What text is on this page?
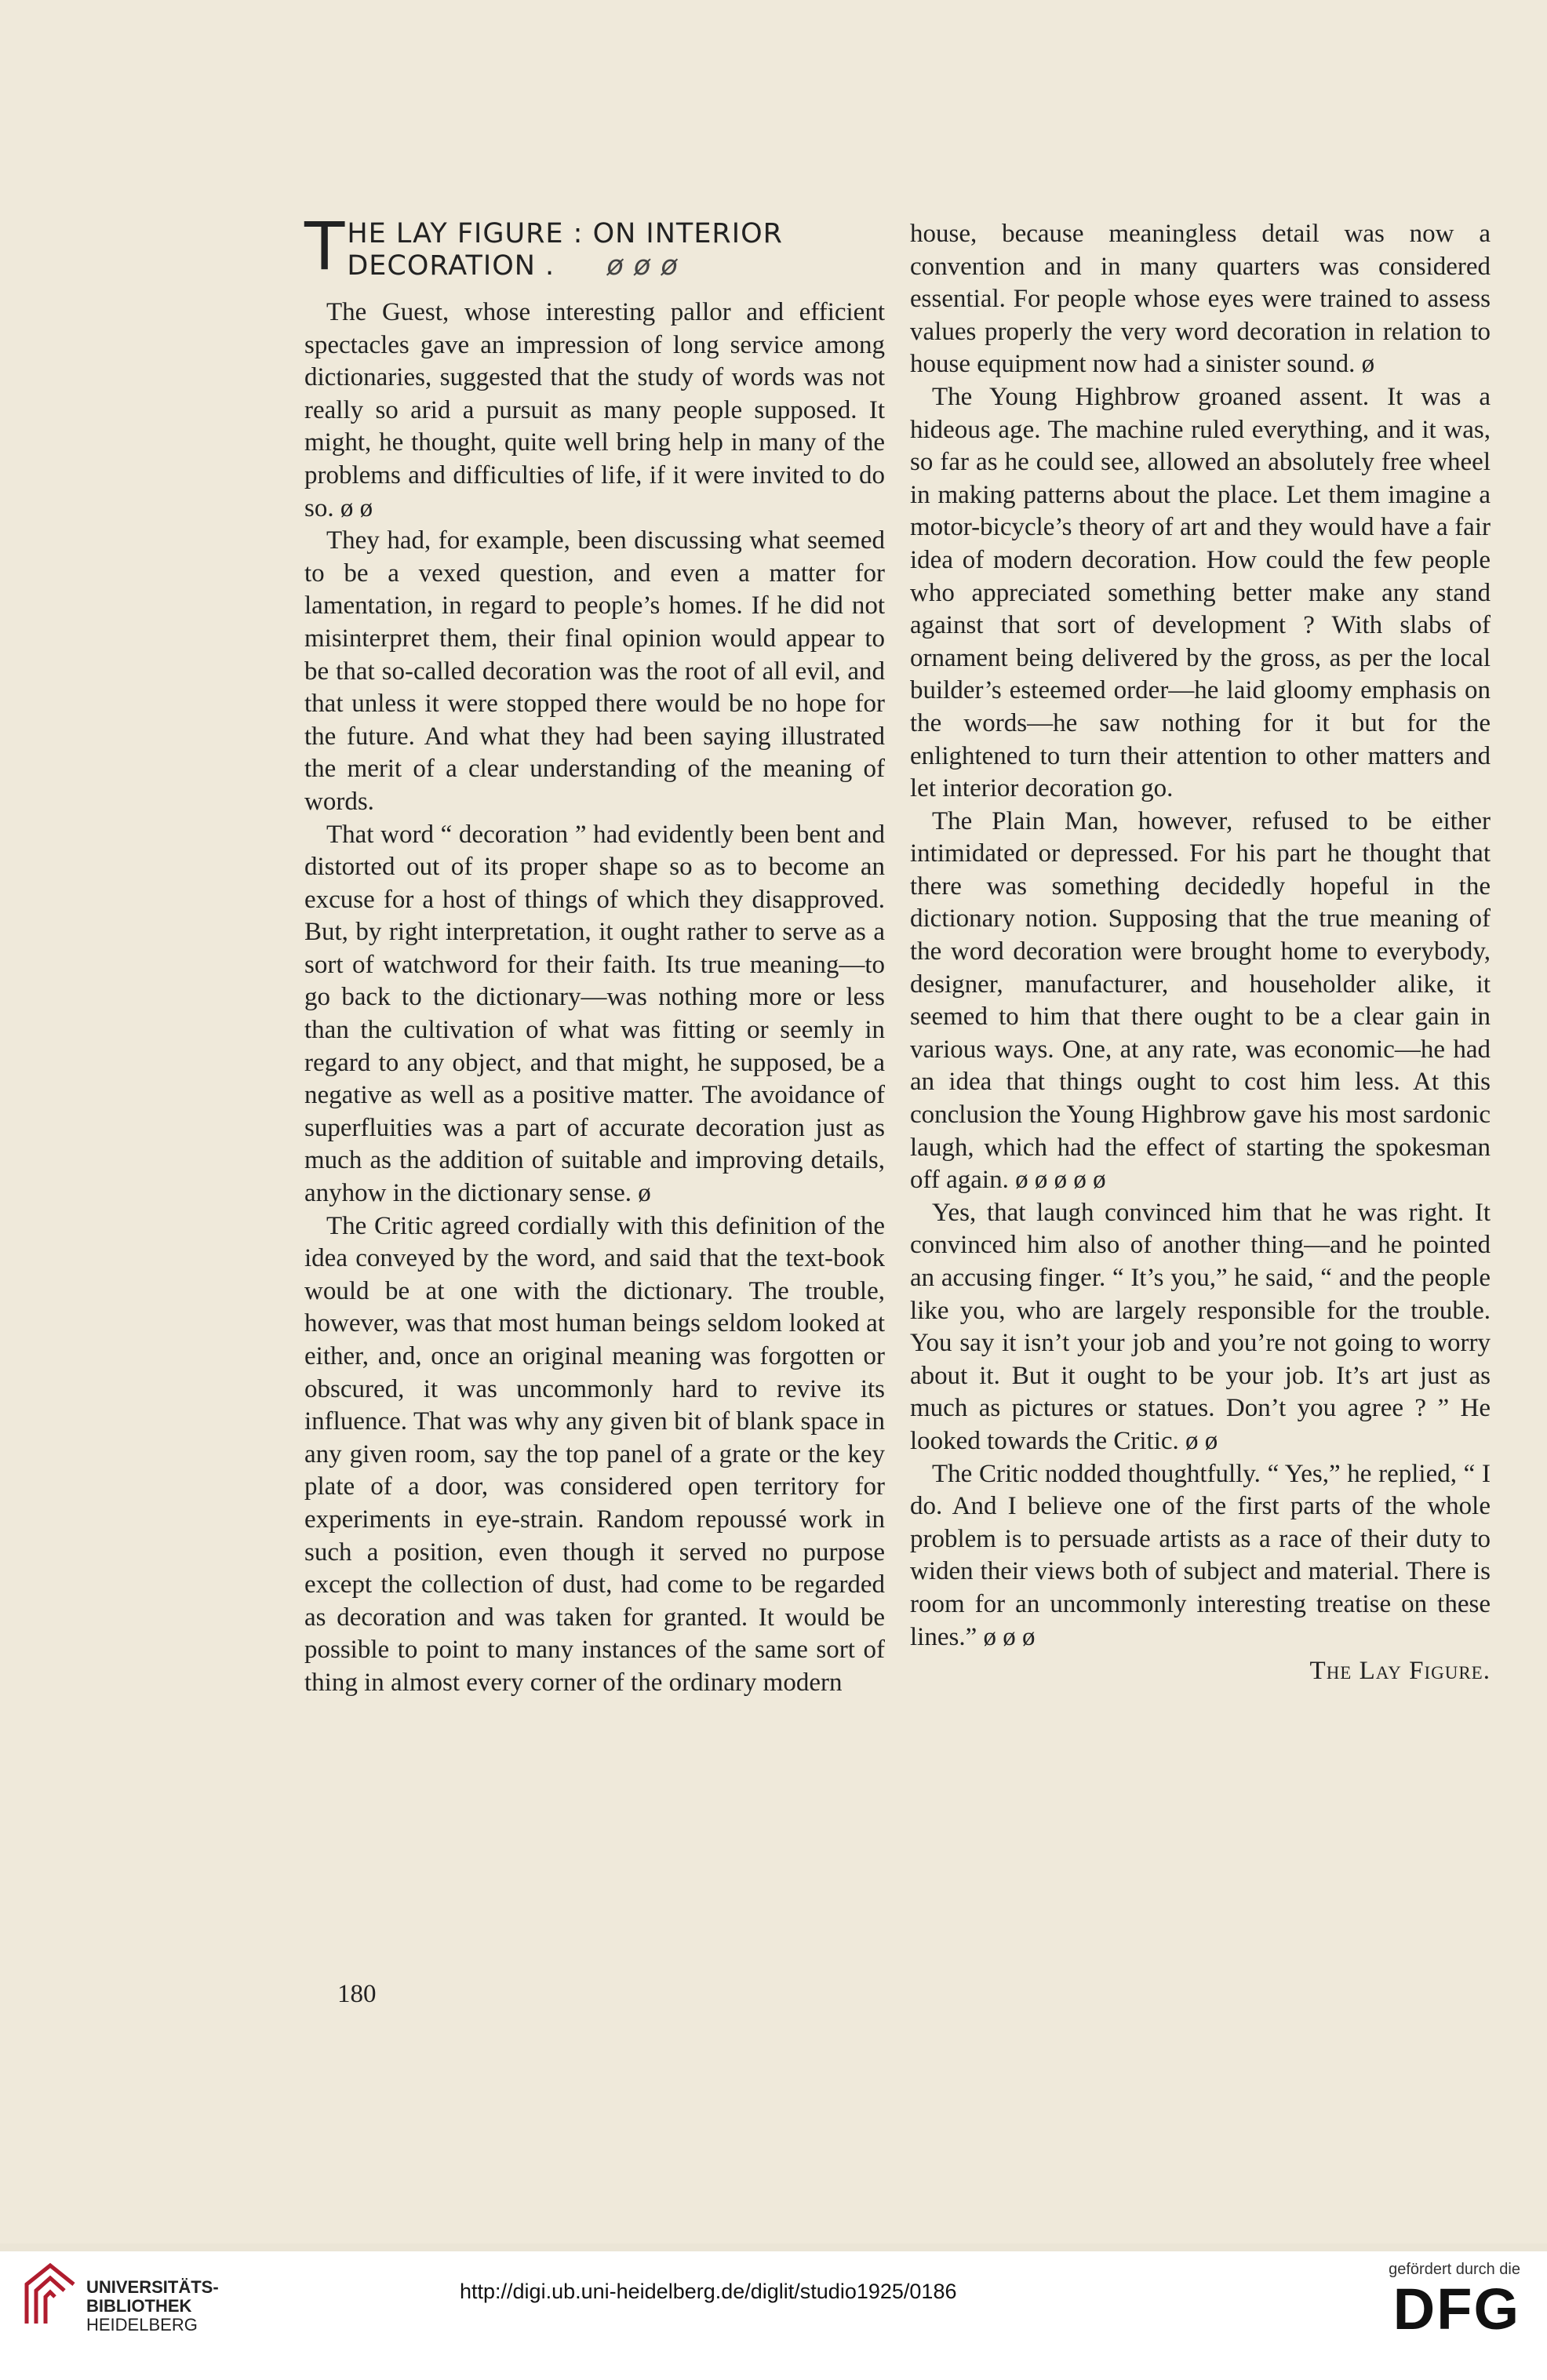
T HE LAY FIGURE : ON INTERIOR DECORATION . ø ø ø

The Guest, whose interesting pallor and efficient spectacles gave an impression of long service among dictionaries, suggested that the study of words was not really so arid a pursuit as many people supposed. It might, he thought, quite well bring help in many of the problems and difficulties of life, if it were invited to do so. ø ø

They had, for example, been discussing what seemed to be a vexed question, and even a matter for lamentation, in regard to people’s homes. If he did not misinterpret them, their final opinion would appear to be that so-called decoration was the root of all evil, and that unless it were stopped there would be no hope for the future. And what they had been saying illustrated the merit of a clear understanding of the meaning of words.

That word “ decoration ” had evidently been bent and distorted out of its proper shape so as to become an excuse for a host of things of which they disapproved. But, by right interpretation, it ought rather to serve as a sort of watchword for their faith. Its true meaning—to go back to the dictionary—was nothing more or less than the cultivation of what was fitting or seemly in regard to any object, and that might, he supposed, be a negative as well as a positive matter. The avoidance of superfluities was a part of accurate decoration just as much as the addition of suitable and improving details, anyhow in the dictionary sense. ø

The Critic agreed cordially with this definition of the idea conveyed by the word, and said that the text-book would be at one with the dictionary. The trouble, however, was that most human beings seldom looked at either, and, once an original meaning was forgotten or obscured, it was uncommonly hard to revive its influence. That was why any given bit of blank space in any given room, say the top panel of a grate or the key plate of a door, was considered open territory for experiments in eye-strain. Random repoussé work in such a position, even though it served no purpose except the collection of dust, had come to be regarded as decoration and was taken for granted. It would be possible to point to many instances of the same sort of thing in almost every corner of the ordinary modern

house, because meaningless detail was now a convention and in many quarters was considered essential. For people whose eyes were trained to assess values properly the very word decoration in relation to house equipment now had a sinister sound. ø

The Young Highbrow groaned assent. It was a hideous age. The machine ruled everything, and it was, so far as he could see, allowed an absolutely free wheel in making patterns about the place. Let them imagine a motor-bicycle’s theory of art and they would have a fair idea of modern decoration. How could the few people who appreciated something better make any stand against that sort of development ? With slabs of ornament being delivered by the gross, as per the local builder’s esteemed order—he laid gloomy emphasis on the words—he saw nothing for it but for the enlightened to turn their attention to other matters and let interior decoration go.

The Plain Man, however, refused to be either intimidated or depressed. For his part he thought that there was something decidedly hopeful in the dictionary notion. Supposing that the true meaning of the word decoration were brought home to everybody, designer, manufacturer, and householder alike, it seemed to him that there ought to be a clear gain in various ways. One, at any rate, was economic—he had an idea that things ought to cost him less. At this conclusion the Young Highbrow gave his most sardonic laugh, which had the effect of starting the spokesman off again. ø ø ø ø ø

Yes, that laugh convinced him that he was right. It convinced him also of another thing—and he pointed an accusing finger. “ It’s you,” he said, “ and the people like you, who are largely responsible for the trouble. You say it isn’t your job and you’re not going to worry about it. But it ought to be your job. It’s art just as much as pictures or statues. Don’t you agree ? ” He looked towards the Critic. ø ø

The Critic nodded thoughtfully. “ Yes,” he replied, “ I do. And I believe one of the first parts of the whole problem is to persuade artists as a race of their duty to widen their views both of subject and material. There is room for an uncommonly interesting treatise on these lines.” ø ø ø

The Lay Figure.
180
UNIVERSITÄTS-
BIBLIOTHEK
HEIDELBERG
http://digi.ub.uni-heidelberg.de/diglit/studio1925/0186
gefördert durch die
DFG
